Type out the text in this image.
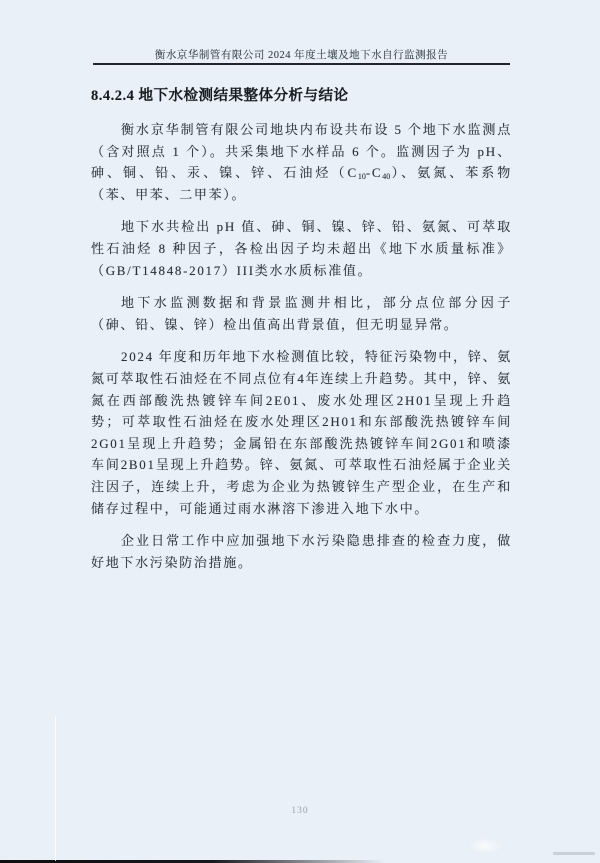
衡水京华制管有限公司 2024 年度土壤及地下水自行监测报告
8.4.2.4 地下水检测结果整体分析与结论

衡水京华制管有限公司地块内布设共布设 5 个地下水监测点（含对照点 1 个）。共采集地下水样品 6 个。监测因子为 pH、砷、铜、铅、汞、镍、锌、石油烃$(C_{10}-C_{40})$、氨氮、苯系物（苯、甲苯、二甲苯）。

地下水共检出 pH 值、砷、铜、镍、锌、铅、氨氮、可萃取性石油烃 8 种因子，各检出因子均未超出《地下水质量标准》（GB/T14848-2017）III类水水质标准值。

地下水监测数据和背景监测井相比，部分点位部分因子（砷、铅、镍、锌）检出值高出背景值，但无明显异常。

2024 年度和历年地下水检测值比较，特征污染物中，锌、氨氮可萃取性石油烃在不同点位有4年连续上升趋势。其中，锌、氨氮在西部酸洗热镀锌车间2E01、废水处理区2H01呈现上升趋势；可萃取性石油烃在废水处理区2H01和东部酸洗热镀锌车间2G01呈现上升趋势；金属铅在东部酸洗热镀锌车间2G01和喷漆车间2B01呈现上升趋势。锌、氨氮、可萃取性石油烃属于企业关注因子，连续上升，考虑为企业为热镀锌生产型企业，在生产和储存过程中，可能通过雨水淋溶下渗进入地下水中。

企业日常工作中应加强地下水污染隐患排查的检查力度，做好地下水污染防治措施。

130
